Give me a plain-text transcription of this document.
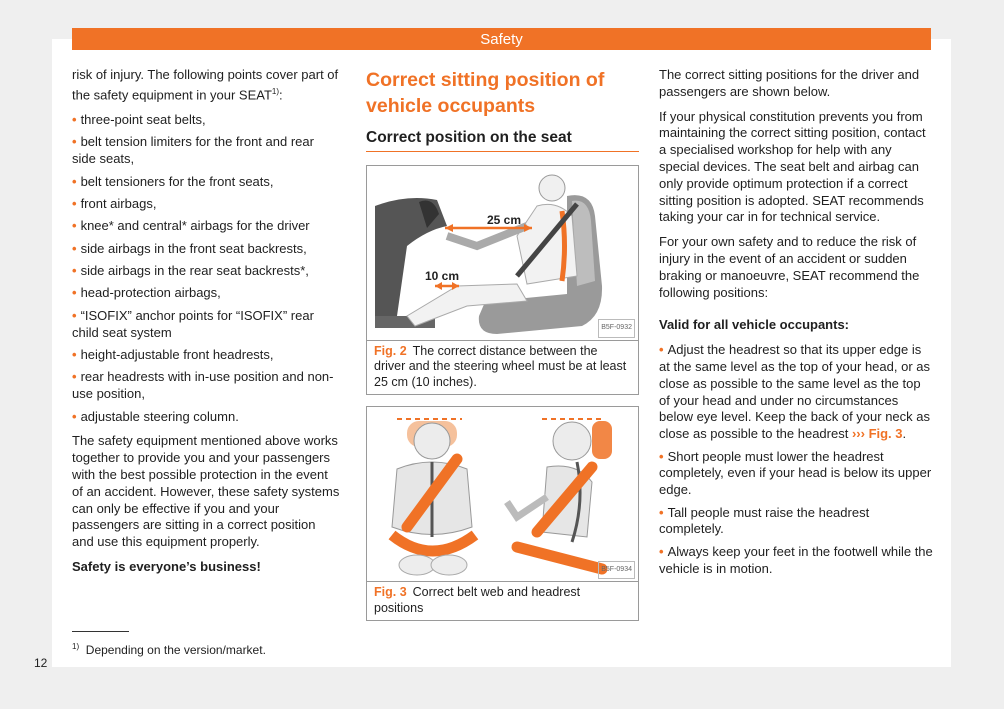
Safety

risk of injury. The following points cover part of the safety equipment in your SEAT$^{1)}$:

• three-point seat belts,
• belt tension limiters for the front and rear side seats,
• belt tensioners for the front seats,
• front airbags,
• knee* and central* airbags for the driver
• side airbags in the front seat backrests,
• side airbags in the rear seat backrests*,
• head-protection airbags,
• “ISOFIX” anchor points for “ISOFIX” rear child seat system
• height-adjustable front headrests,
• rear headrests with in-use position and non-use position,
• adjustable steering column.

The safety equipment mentioned above works together to provide you and your passengers with the best possible protection in the event of an accident. However, these safety systems can only be effective if you and your passengers are sitting in a correct position and use this equipment properly.

Safety is everyone’s business!

Correct sitting position of vehicle occupants
Correct position on the seat
25 cm
10 cm
B5F-0932
Fig. 2 The correct distance between the driver and the steering wheel must be at least 25 cm (10 inches).
B5F-0934
Fig. 3 Correct belt web and headrest positions

The correct sitting positions for the driver and passengers are shown below.

If your physical constitution prevents you from maintaining the correct sitting position, contact a specialised workshop for help with any special devices. The seat belt and airbag can only provide optimum protection if a correct sitting position is adopted. SEAT recommends taking your car in for technical service.

For your own safety and to reduce the risk of injury in the event of an accident or sudden braking or manoeuvre, SEAT recommend the following positions:

Valid for all vehicle occupants:

• Adjust the headrest so that its upper edge is at the same level as the top of your head, or as close as possible to the same level as the top of your head and under no circumstances below eye level. Keep the back of your neck as close as possible to the headrest ››› Fig. 3.
• Short people must lower the headrest completely, even if your head is below its upper edge.
• Tall people must raise the headrest completely.
• Always keep your feet in the footwell while the vehicle is in motion.
$^{1)}$ Depending on the version/market.
12
